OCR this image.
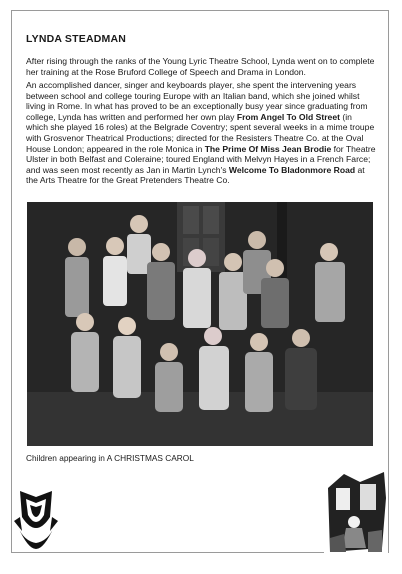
LYNDA STEADMAN

After rising through the ranks of the Young Lyric Theatre School, Lynda went on to complete her training at the Rose Bruford College of Speech and Drama in London.

An accomplished dancer, singer and keyboards player, she spent the intervening years between school and college touring Europe with an Italian band, which she joined whilst living in Rome. In what has proved to be an exceptionally busy year since graduating from college, Lynda has written and performed her own play From Angel To Old Street (in which she played 16 roles) at the Belgrade Coventry; spent several weeks in a mime troupe with Grosvenor Theatrical Productions; directed for the Resisters Theatre Co. at the Oval House London; appeared in the role Monica in The Prime Of Miss Jean Brodie for Theatre Ulster in both Belfast and Coleraine; toured England with Melvyn Hayes in a French Farce; and was seen most recently as Jan in Martin Lynch's Welcome To Bladonmore Road at the Arts Theatre for the Great Pretenders Theatre Co.

Children appearing in A CHRISTMAS CAROL
